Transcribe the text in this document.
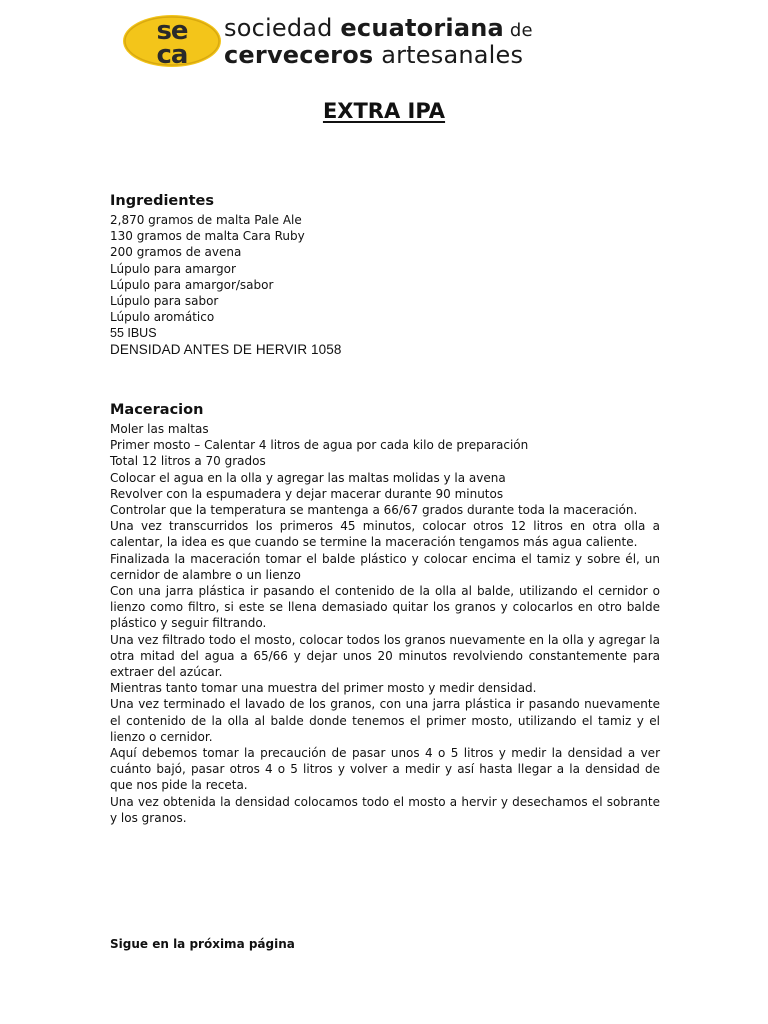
se
ca
sociedad ecuatoriana de
cerveceros artesanales
EXTRA IPA
Ingredientes
2,870 gramos de malta Pale Ale
130 gramos de malta Cara Ruby
200 gramos de avena
Lúpulo para amargor
Lúpulo para amargor/sabor
Lúpulo para sabor
Lúpulo aromático
55 IBUS
DENSIDAD ANTES DE HERVIR 1058
Maceracion
Moler las maltas
Primer mosto – Calentar 4 litros de agua por cada kilo de preparación
Total 12 litros a 70 grados
Colocar el agua en la olla y agregar las maltas molidas y la avena
Revolver con la espumadera y dejar macerar durante 90 minutos
Controlar que la temperatura se mantenga a 66/67 grados durante toda la maceración.
Una vez transcurridos los primeros 45 minutos, colocar otros 12 litros en otra olla a calentar, la idea es que cuando se termine la maceración tengamos más agua caliente.
Finalizada la maceración tomar el balde plástico y colocar encima el tamiz y sobre él, un cernidor de alambre o un lienzo
Con una jarra plástica ir pasando el contenido de la olla al balde, utilizando el cernidor o lienzo como filtro, si este se llena demasiado quitar los granos y colocarlos en otro balde plástico y seguir filtrando.
Una vez filtrado todo el mosto, colocar todos los granos nuevamente en la olla y agregar la otra mitad del agua a 65/66 y dejar unos 20 minutos revolviendo constantemente para extraer del azúcar.
Mientras tanto tomar una muestra del primer mosto y medir densidad.
Una vez terminado el lavado de los granos, con una jarra plástica ir pasando nuevamente el contenido de la olla al balde donde tenemos el primer mosto, utilizando el tamiz y el lienzo o cernidor.
Aquí debemos tomar la precaución de pasar unos 4 o 5 litros y medir la densidad a ver cuánto bajó, pasar otros 4 o 5 litros y volver a medir y así hasta llegar a la densidad de que nos pide la receta.
Una vez obtenida la densidad colocamos todo el mosto a hervir y desechamos el sobrante y los granos.
Sigue en la próxima página
